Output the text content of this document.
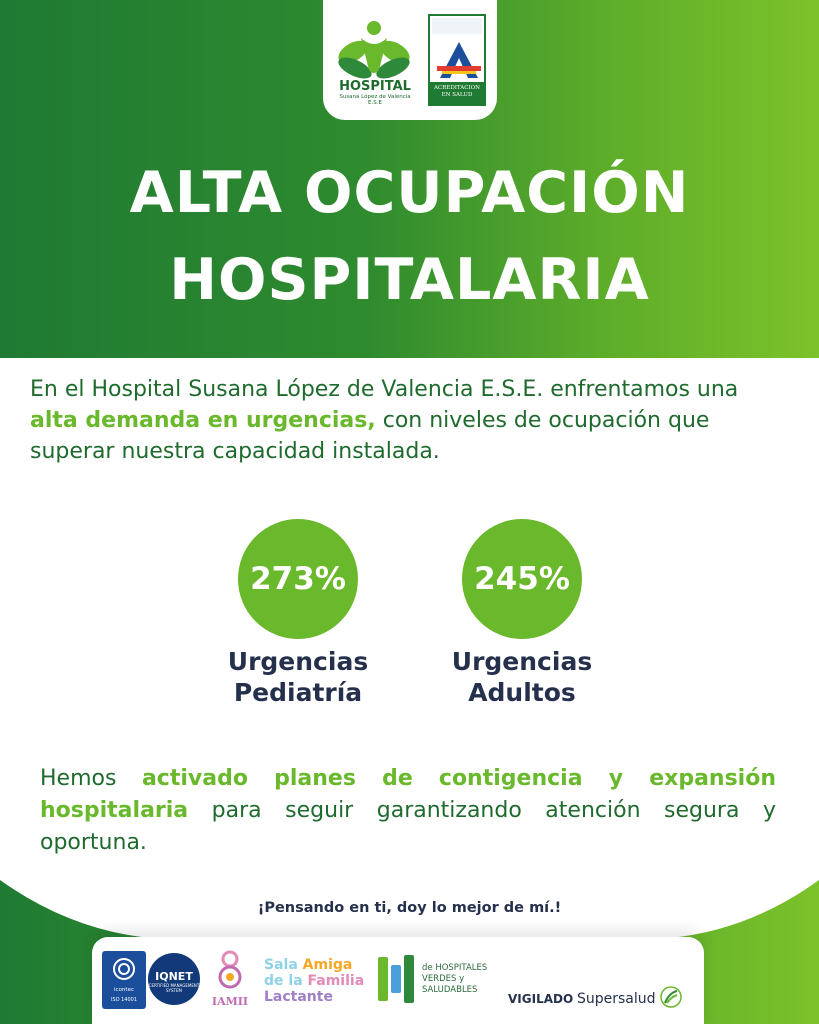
HOSPITAL
Susana López de Valencia
E.S.E
ACREDITACION EN SALUD
ALTA OCUPACIÓN
HOSPITALARIA

En el Hospital Susana López de Valencia E.S.E. enfrentamos una alta demanda en urgencias, con niveles de ocupación que superar nuestra capacidad instalada.

273%	245%
Urgencias
Pediatría
Urgencias
Adultos

Hemos activado planes de contigencia y expansión hospitalaria para seguir garantizando atención segura y oportuna.

¡Pensando en ti, doy lo mejor de mí.!
icontec
ISO 14001
IQNET
CERTIFIED MANAGEMENT SYSTEM
IAMII
Sala Amiga
de la Familia
Lactante
de HOSPITALES
VERDES y
SALUDABLES
VIGILADO Supersalud
